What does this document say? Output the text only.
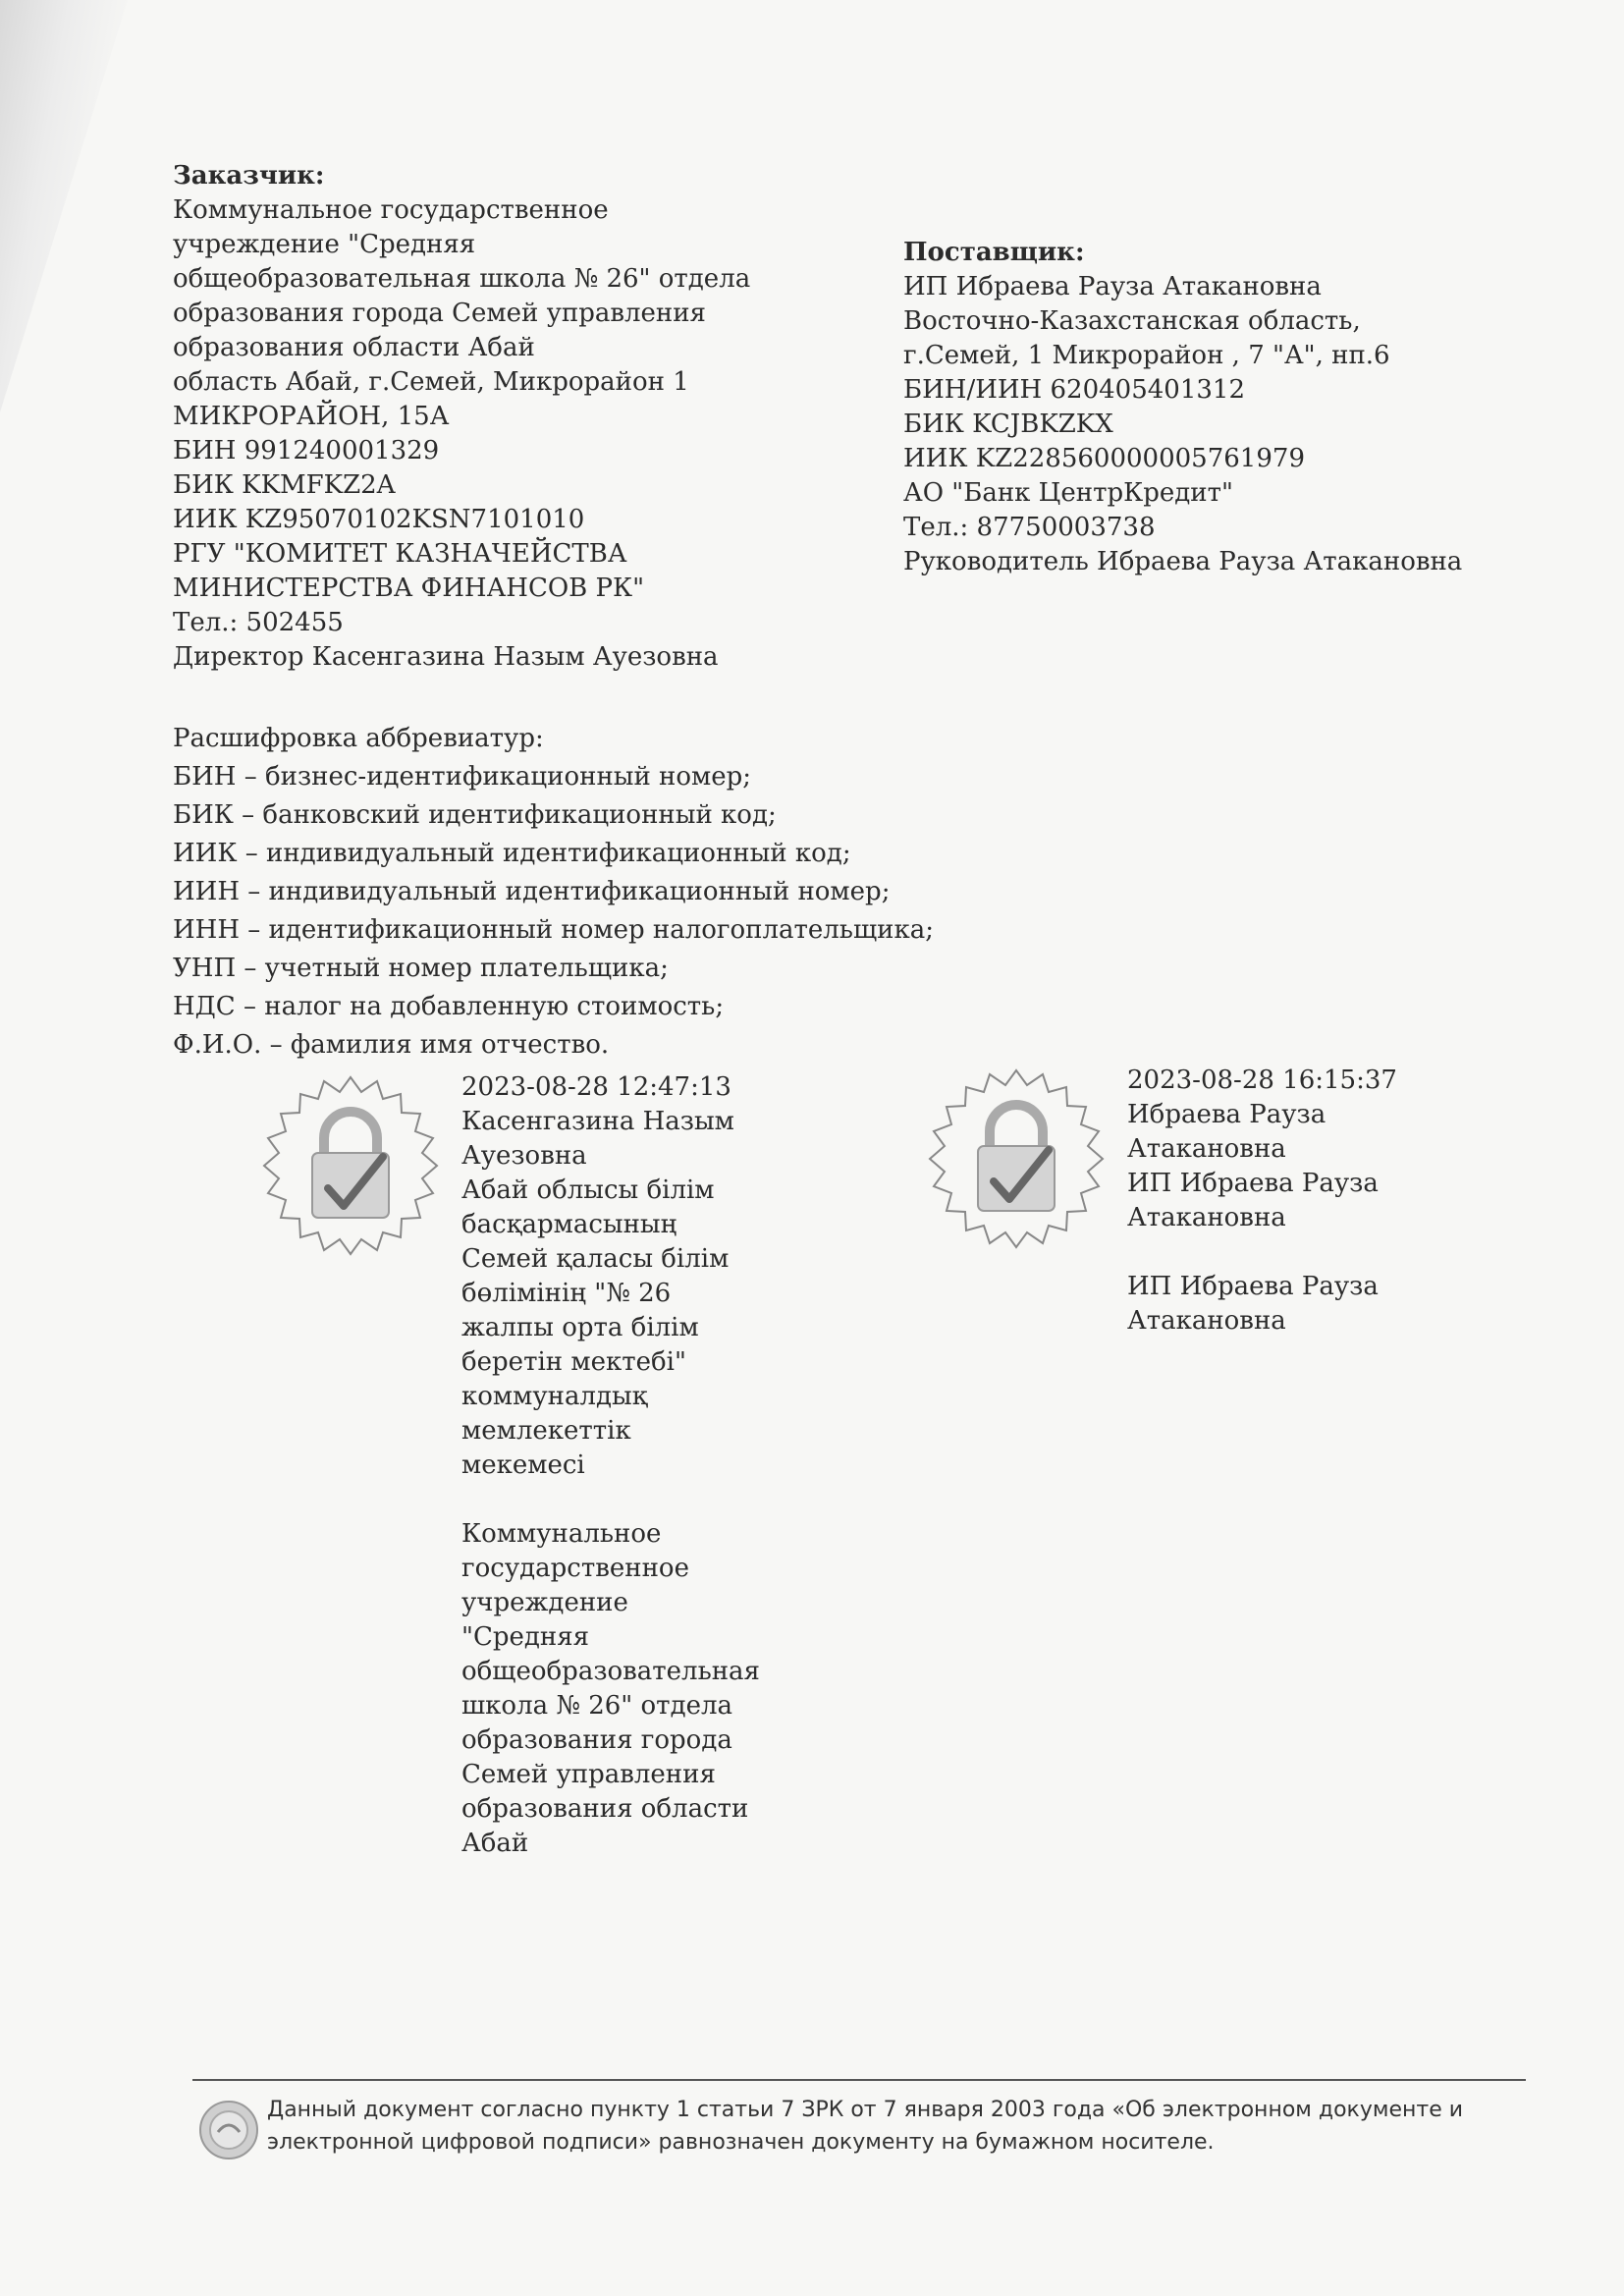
Заказчик:
Коммунальное государственное
учреждение "Средняя
общеобразовательная школа № 26" отдела
образования города Семей управления
образования области Абай
область Абай, г.Семей, Микрорайон 1
МИКРОРАЙОН, 15А
БИН 991240001329
БИК KKMFKZ2A
ИИК KZ95070102KSN7101010
РГУ "КОМИТЕТ КАЗНАЧЕЙСТВА
МИНИСТЕРСТВА ФИНАНСОВ РК"
Тел.: 502455
Директор Касенгазина Назым Ауезовна
Поставщик:
ИП Ибраева Рауза Атакановна
Восточно-Казахстанская область,
г.Семей, 1 Микрорайон , 7 "А", нп.6
БИН/ИИН 620405401312
БИК KCJBKZKX
ИИК KZ228560000005761979
АО "Банк ЦентрКредит"
Тел.: 87750003738
Руководитель Ибраева Рауза Атакановна
Расшифровка аббревиатур:
БИН – бизнес-идентификационный номер;
БИК – банковский идентификационный код;
ИИК – индивидуальный идентификационный код;
ИИН – индивидуальный идентификационный номер;
ИНН – идентификационный номер налогоплательщика;
УНП – учетный номер плательщика;
НДС – налог на добавленную стоимость;
Ф.И.О. – фамилия имя отчество.
2023-08-28 12:47:13
Касенгазина Назым
Ауезовна
Абай облысы білім
басқармасының
Семей қаласы білім
бөлімінің "№ 26
жалпы орта білім
беретін мектебі"
коммуналдық
мемлекеттік
мекемесі
Коммунальное
государственное
учреждение
"Средняя
общеобразовательная
школа № 26" отдела
образования города
Семей управления
образования области
Абай
2023-08-28 16:15:37
Ибраева Рауза
Атакановна
ИП Ибраева Рауза
Атакановна
ИП Ибраева Рауза
Атакановна
Данный документ согласно пункту 1 статьи 7 ЗРК от 7 января 2003 года «Об электронном документе и электронной цифровой подписи» равнозначен документу на бумажном носителе.
